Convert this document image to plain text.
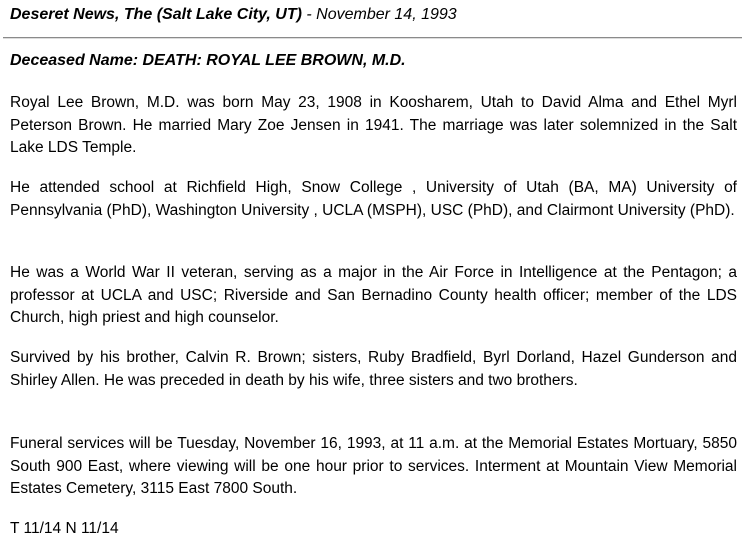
Deseret News, The (Salt Lake City, UT) - November 14, 1993
Deceased Name: DEATH: ROYAL LEE BROWN, M.D.

Royal Lee Brown, M.D. was born May 23, 1908 in Koosharem, Utah to David Alma and Ethel Myrl Peterson Brown. He married Mary Zoe Jensen in 1941. The marriage was later solemnized in the Salt Lake LDS Temple.

He attended school at Richfield High, Snow College , University of Utah (BA, MA) University of Pennsylvania (PhD), Washington University , UCLA (MSPH), USC (PhD), and Clairmont University (PhD).

He was a World War II veteran, serving as a major in the Air Force in Intelligence at the Pentagon; a professor at UCLA and USC; Riverside and San Bernadino County health officer; member of the LDS Church, high priest and high counselor.

Survived by his brother, Calvin R. Brown; sisters, Ruby Bradfield, Byrl Dorland, Hazel Gunderson and Shirley Allen. He was preceded in death by his wife, three sisters and two brothers.

Funeral services will be Tuesday, November 16, 1993, at 11 a.m. at the Memorial Estates Mortuary, 5850 South 900 East, where viewing will be one hour prior to services. Interment at Mountain View Memorial Estates Cemetery, 3115 East 7800 South.

T 11/14 N 11/14
